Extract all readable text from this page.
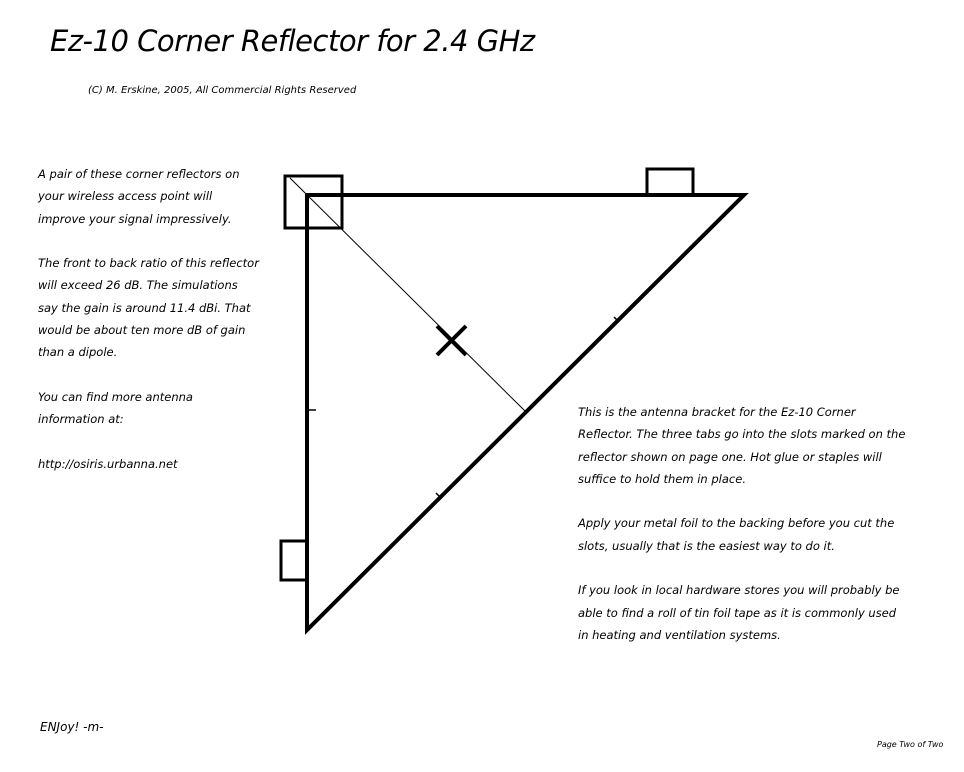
Ez-10 Corner Reflector for 2.4 GHz
(C) M. Erskine, 2005, All Commercial Rights Reserved

A pair of these corner reflectors on your wireless access point will improve your signal impressively.

The front to back ratio of this reflector will exceed 26 dB. The simulations say the gain is around 11.4 dBi. That would be about ten more dB of gain than a dipole.

You can find more antenna information at:

http://osiris.urbanna.net

This is the antenna bracket for the Ez-10 Corner Reflector. The three tabs go into the slots marked on the reflector shown on page one. Hot glue or staples will suffice to hold them in place.

Apply your metal foil to the backing before you cut the slots, usually that is the easiest way to do it.

If you look in local hardware stores you will probably be able to find a roll of tin foil tape as it is commonly used in heating and ventilation systems.

ENJoy! -m-
Page Two of Two
